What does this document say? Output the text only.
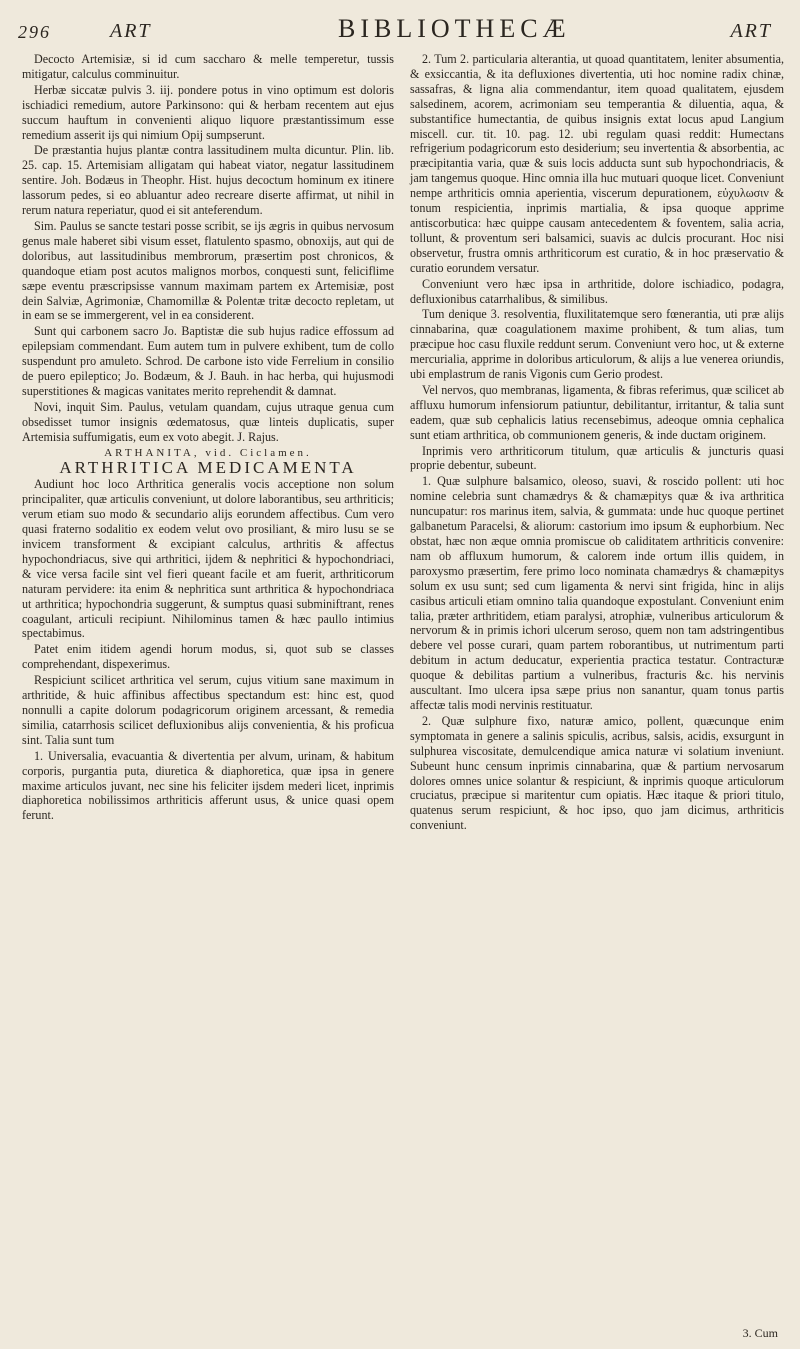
296	ART	BIBLIOTHECÆ	ART

Decocto Artemisiæ, si id cum saccharo & melle temperetur, tussis mitigatur, calculus comminuitur.

Herbæ siccatæ pulvis 3. iij. pondere potus in vino optimum est doloris ischiadici remedium, autore Parkinsono: qui & herbam recentem aut ejus succum hauftum in convenienti aliquo liquore præstantissimum esse remedium asserit ijs qui nimium Opij sumpserunt.

De præstantia hujus plantæ contra lassitudinem multa dicuntur. Plin. lib. 25. cap. 15. Artemisiam alligatam qui habeat viator, negatur lassitudinem sentire. Joh. Bodæus in Theophr. Hist. hujus decoctum hominum ex itinere lassorum pedes, si eo abluantur adeo recreare diserte affirmat, ut nihil in rerum natura reperiatur, quod ei sit anteferendum.

Sim. Paulus se sancte testari posse scribit, se ijs ægris in quibus nervosum genus male haberet sibi visum esset, flatulento spasmo, obnoxijs, aut qui de doloribus, aut lassitudinibus membrorum, præsertim post chronicos, & quandoque etiam post acutos malignos morbos, conquesti sunt, feliciflime sæpe eventu præscripsisse vannum maximam partem ex Artemisiæ, post dein Salviæ, Agrimoniæ, Chamomillæ & Polentæ tritæ decocto repletam, ut in eam se se immergerent, vel in ea considerent.

Sunt qui carbonem sacro Jo. Baptistæ die sub hujus radice effossum ad epilepsiam commendant. Eum autem tum in pulvere exhibent, tum de collo suspendunt pro amuleto. Schrod. De carbone isto vide Ferrelium in consilio de puero epileptico; Jo. Bodæum, & J. Bauh. in hac herba, qui hujusmodi superstitiones & magicas vanitates merito reprehendit & damnat.

Novi, inquit Sim. Paulus, vetulam quandam, cujus utraque genua cum obsedisset tumor insignis œdematosus, quæ linteis duplicatis, super Artemisia suffumigatis, eum ex voto abegit. J. Rajus.

ARTHANITA, vid. Ciclamen.

ARTHRITICA MEDICAMENTA

Audiunt hoc loco Arthritica generalis vocis acceptione non solum principaliter, quæ articulis conveniunt, ut dolore laborantibus, seu arthriticis; verum etiam suo modo & secundario alijs eorundem affectibus. Cum vero quasi fraterno sodalitio ex eodem velut ovo prosiliant, & miro lusu se se invicem transforment & excipiant calculus, arthritis & affectus hypochondriacus, sive qui arthritici, ijdem & nephritici & hypochondriaci, & vice versa facile sint vel fieri queant facile et am fuerit, arthriticorum naturam pervidere: ita enim & nephritica sunt arthritica & hypochondriaca ut arthritica; hypochondria suggerunt, & sumptus quasi subminiftrant, renes coagulant, articuli recipiunt. Nihilominus tamen & hæc paullo intimius spectabimus.

Patet enim itidem agendi horum modus, si, quot sub se classes comprehendant, dispexerimus.

Respiciunt scilicet arthritica vel serum, cujus vitium sane maximum in arthritide, & huic affinibus affectibus spectandum est: hinc est, quod nonnulli a capite dolorum podagricorum originem arcessant, & remedia similia, catarrhosis scilicet defluxionibus alijs convenientia, & his proficua sint. Talia sunt tum

1. Universalia, evacuantia & divertentia per alvum, urinam, & habitum corporis, purgantia puta, diuretica & diaphoretica, quæ ipsa in genere maxime articulos juvant, nec sine his feliciter ijsdem mederi licet, inprimis diaphoretica nobilissimos arthriticis afferunt usus, & unice quasi opem ferunt.

2. Tum 2. particularia alterantia, ut quoad quantitatem, leniter absumentia, & exsiccantia, & ita defluxiones divertentia, uti hoc nomine radix chinæ, sassafras, & ligna alia commendantur, item quoad qualitatem, ejusdem salsedinem, acorem, acrimoniam seu temperantia & diluentia, aqua, & substantifice humectantia, de quibus insignis extat locus apud Langium miscell. cur. tit. 10. pag. 12. ubi regulam quasi reddit: Humectans refrigerium podagricorum esto desiderium; seu invertentia & absorbentia, ac præcipitantia varia, quæ & suis locis adducta sunt sub hypochondriacis, & jam tangemus quoque. Hinc omnia illa huc mutuari quoque licet. Conveniunt nempe arthriticis omnia aperientia, viscerum depurationem, εὐχυλωσιν & tonum respicientia, inprimis martialia, & ipsa quoque apprime antiscorbutica: hæc quippe causam antecedentem & foventem, salia acria, tollunt, & proventum seri balsamici, suavis ac dulcis procurant. Hoc nisi observetur, frustra omnis arthriticorum est curatio, & in hoc præservatio & curatio eorundem versatur.

Conveniunt vero hæc ipsa in arthritide, dolore ischiadico, podagra, defluxionibus catarrhalibus, & similibus.

Tum denique 3. resolventia, fluxilitatemque sero fœnerantia, uti præ alijs cinnabarina, quæ coagulationem maxime prohibent, & tum alias, tum præcipue hoc casu fluxile reddunt serum. Conveniunt vero hoc, ut & externe mercurialia, apprime in doloribus articulorum, & alijs a lue venerea oriundis, ubi emplastrum de ranis Vigonis cum Gerio prodest.

Vel nervos, quo membranas, ligamenta, & fibras referimus, quæ scilicet ab affluxu humorum infensiorum patiuntur, debilitantur, irritantur, & talia sunt eadem, quæ sub cephalicis latius recensebimus, adeoque omnia cephalica sunt etiam arthritica, ob communionem generis, & inde ductam originem.

Inprimis vero arthriticorum titulum, quæ articulis & juncturis quasi proprie debentur, subeunt.

1. Quæ sulphure balsamico, oleoso, suavi, & roscido pollent: uti hoc nomine celebria sunt chamædrys & & chamæpitys quæ & iva arthritica nuncupatur: ros marinus item, salvia, & gummata: unde huc quoque pertinet galbanetum Paracelsi, & aliorum: castorium imo ipsum & euphorbium. Nec obstat, hæc non æque omnia promiscue ob caliditatem arthriticis convenire: nam ob affluxum humorum, & calorem inde ortum illis quidem, in paroxysmo præsertim, fere primo loco nominata chamædrys & chamæpitys solum ex usu sunt; sed cum ligamenta & nervi sint frigida, hinc in alijs casibus articuli etiam omnino talia quandoque expostulant. Conveniunt enim talia, præter arthritidem, etiam paralysi, atrophiæ, vulneribus articulorum & nervorum & in primis ichori ulcerum seroso, quem non tam adstringentibus debere vel posse curari, quam partem roborantibus, ut nutrimentum parti debitum in actum deducatur, experientia practica testatur. Contracturæ quoque & debilitas partium a vulneribus, fracturis &c. his nervinis auscultant. Imo ulcera ipsa sæpe prius non sanantur, quam tonus partis affectæ talis modi nervinis restituatur.

2. Quæ sulphure fixo, naturæ amico, pollent, quæcunque enim symptomata in genere a salinis spiculis, acribus, salsis, acidis, exsurgunt in sulphurea viscositate, demulcendique amica naturæ vi solatium inveniunt. Subeunt hunc censum inprimis cinnabarina, quæ & partium nervosarum dolores omnes unice solantur & respiciunt, & inprimis quoque articulorum cruciatus, præcipue si maritentur cum opiatis. Hæc itaque & priori titulo, quatenus serum respiciunt, & hoc ipso, quo jam dicimus, arthriticis conveniunt.

3. Cum
